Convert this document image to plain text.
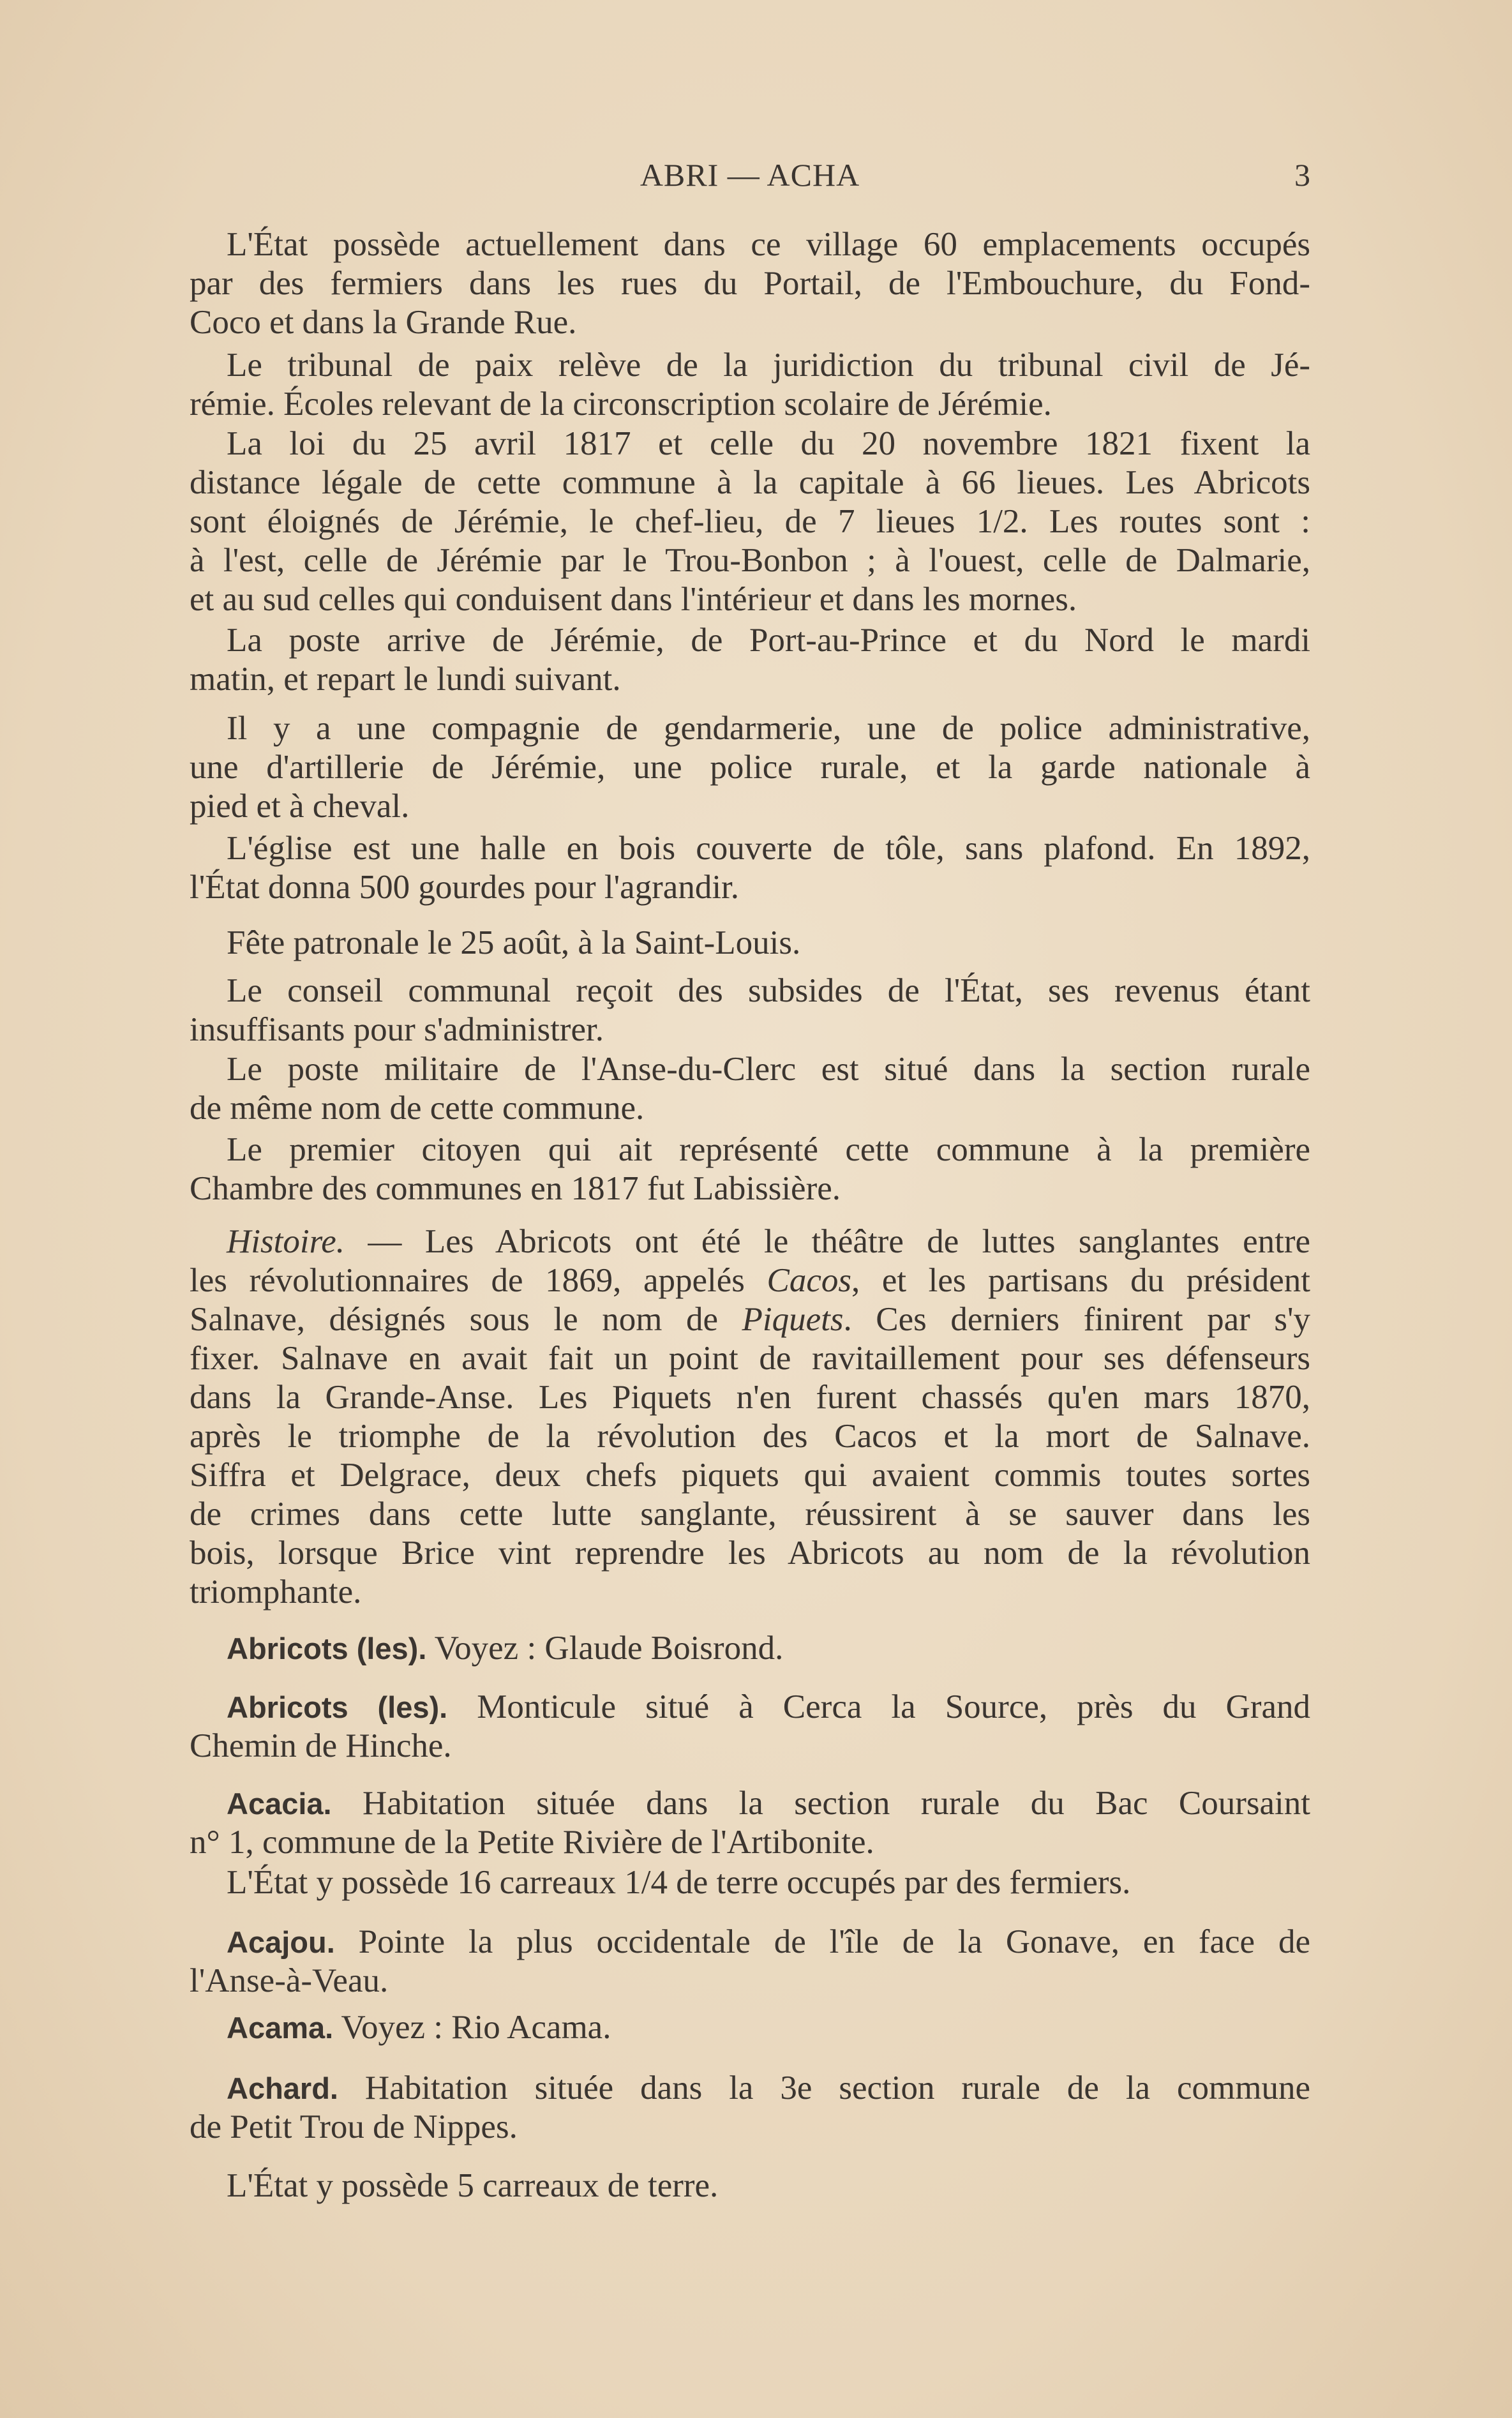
ABRI — ACHA	3
L'État possède actuellement dans ce village 60 emplacements occupés
par des fermiers dans les rues du Portail, de l'Embouchure, du Fond-
Coco et dans la Grande Rue.
Le tribunal de paix relève de la juridiction du tribunal civil de Jé-
rémie. Écoles relevant de la circonscription scolaire de Jérémie.
La loi du 25 avril 1817 et celle du 20 novembre 1821 fixent la
distance légale de cette commune à la capitale à 66 lieues. Les Abricots
sont éloignés de Jérémie, le chef-lieu, de 7 lieues 1/2. Les routes sont :
à l'est, celle de Jérémie par le Trou-Bonbon ; à l'ouest, celle de Dalmarie,
et au sud celles qui conduisent dans l'intérieur et dans les mornes.
La poste arrive de Jérémie, de Port-au-Prince et du Nord le mardi
matin, et repart le lundi suivant.
Il y a une compagnie de gendarmerie, une de police administrative,
une d'artillerie de Jérémie, une police rurale, et la garde nationale à
pied et à cheval.
L'église est une halle en bois couverte de tôle, sans plafond. En 1892,
l'État donna 500 gourdes pour l'agrandir.
Fête patronale le 25 août, à la Saint-Louis.
Le conseil communal reçoit des subsides de l'État, ses revenus étant
insuffisants pour s'administrer.
Le poste militaire de l'Anse-du-Clerc est situé dans la section rurale
de même nom de cette commune.
Le premier citoyen qui ait représenté cette commune à la première
Chambre des communes en 1817 fut Labissière.
Histoire. — Les Abricots ont été le théâtre de luttes sanglantes entre
les révolutionnaires de 1869, appelés Cacos, et les partisans du président
Salnave, désignés sous le nom de Piquets. Ces derniers finirent par s'y
fixer. Salnave en avait fait un point de ravitaillement pour ses défenseurs
dans la Grande-Anse. Les Piquets n'en furent chassés qu'en mars 1870,
après le triomphe de la révolution des Cacos et la mort de Salnave.
Siffra et Delgrace, deux chefs piquets qui avaient commis toutes sortes
de crimes dans cette lutte sanglante, réussirent à se sauver dans les
bois, lorsque Brice vint reprendre les Abricots au nom de la révolution
triomphante.
Abricots (les). Voyez : Glaude Boisrond.
Abricots (les). Monticule situé à Cerca la Source, près du Grand
Chemin de Hinche.
Acacia. Habitation située dans la section rurale du Bac Coursaint
n° 1, commune de la Petite Rivière de l'Artibonite.
L'État y possède 16 carreaux 1/4 de terre occupés par des fermiers.
Acajou. Pointe la plus occidentale de l'île de la Gonave, en face de
l'Anse-à-Veau.
Acama. Voyez : Rio Acama.
Achard. Habitation située dans la 3e section rurale de la commune
de Petit Trou de Nippes.
L'État y possède 5 carreaux de terre.
